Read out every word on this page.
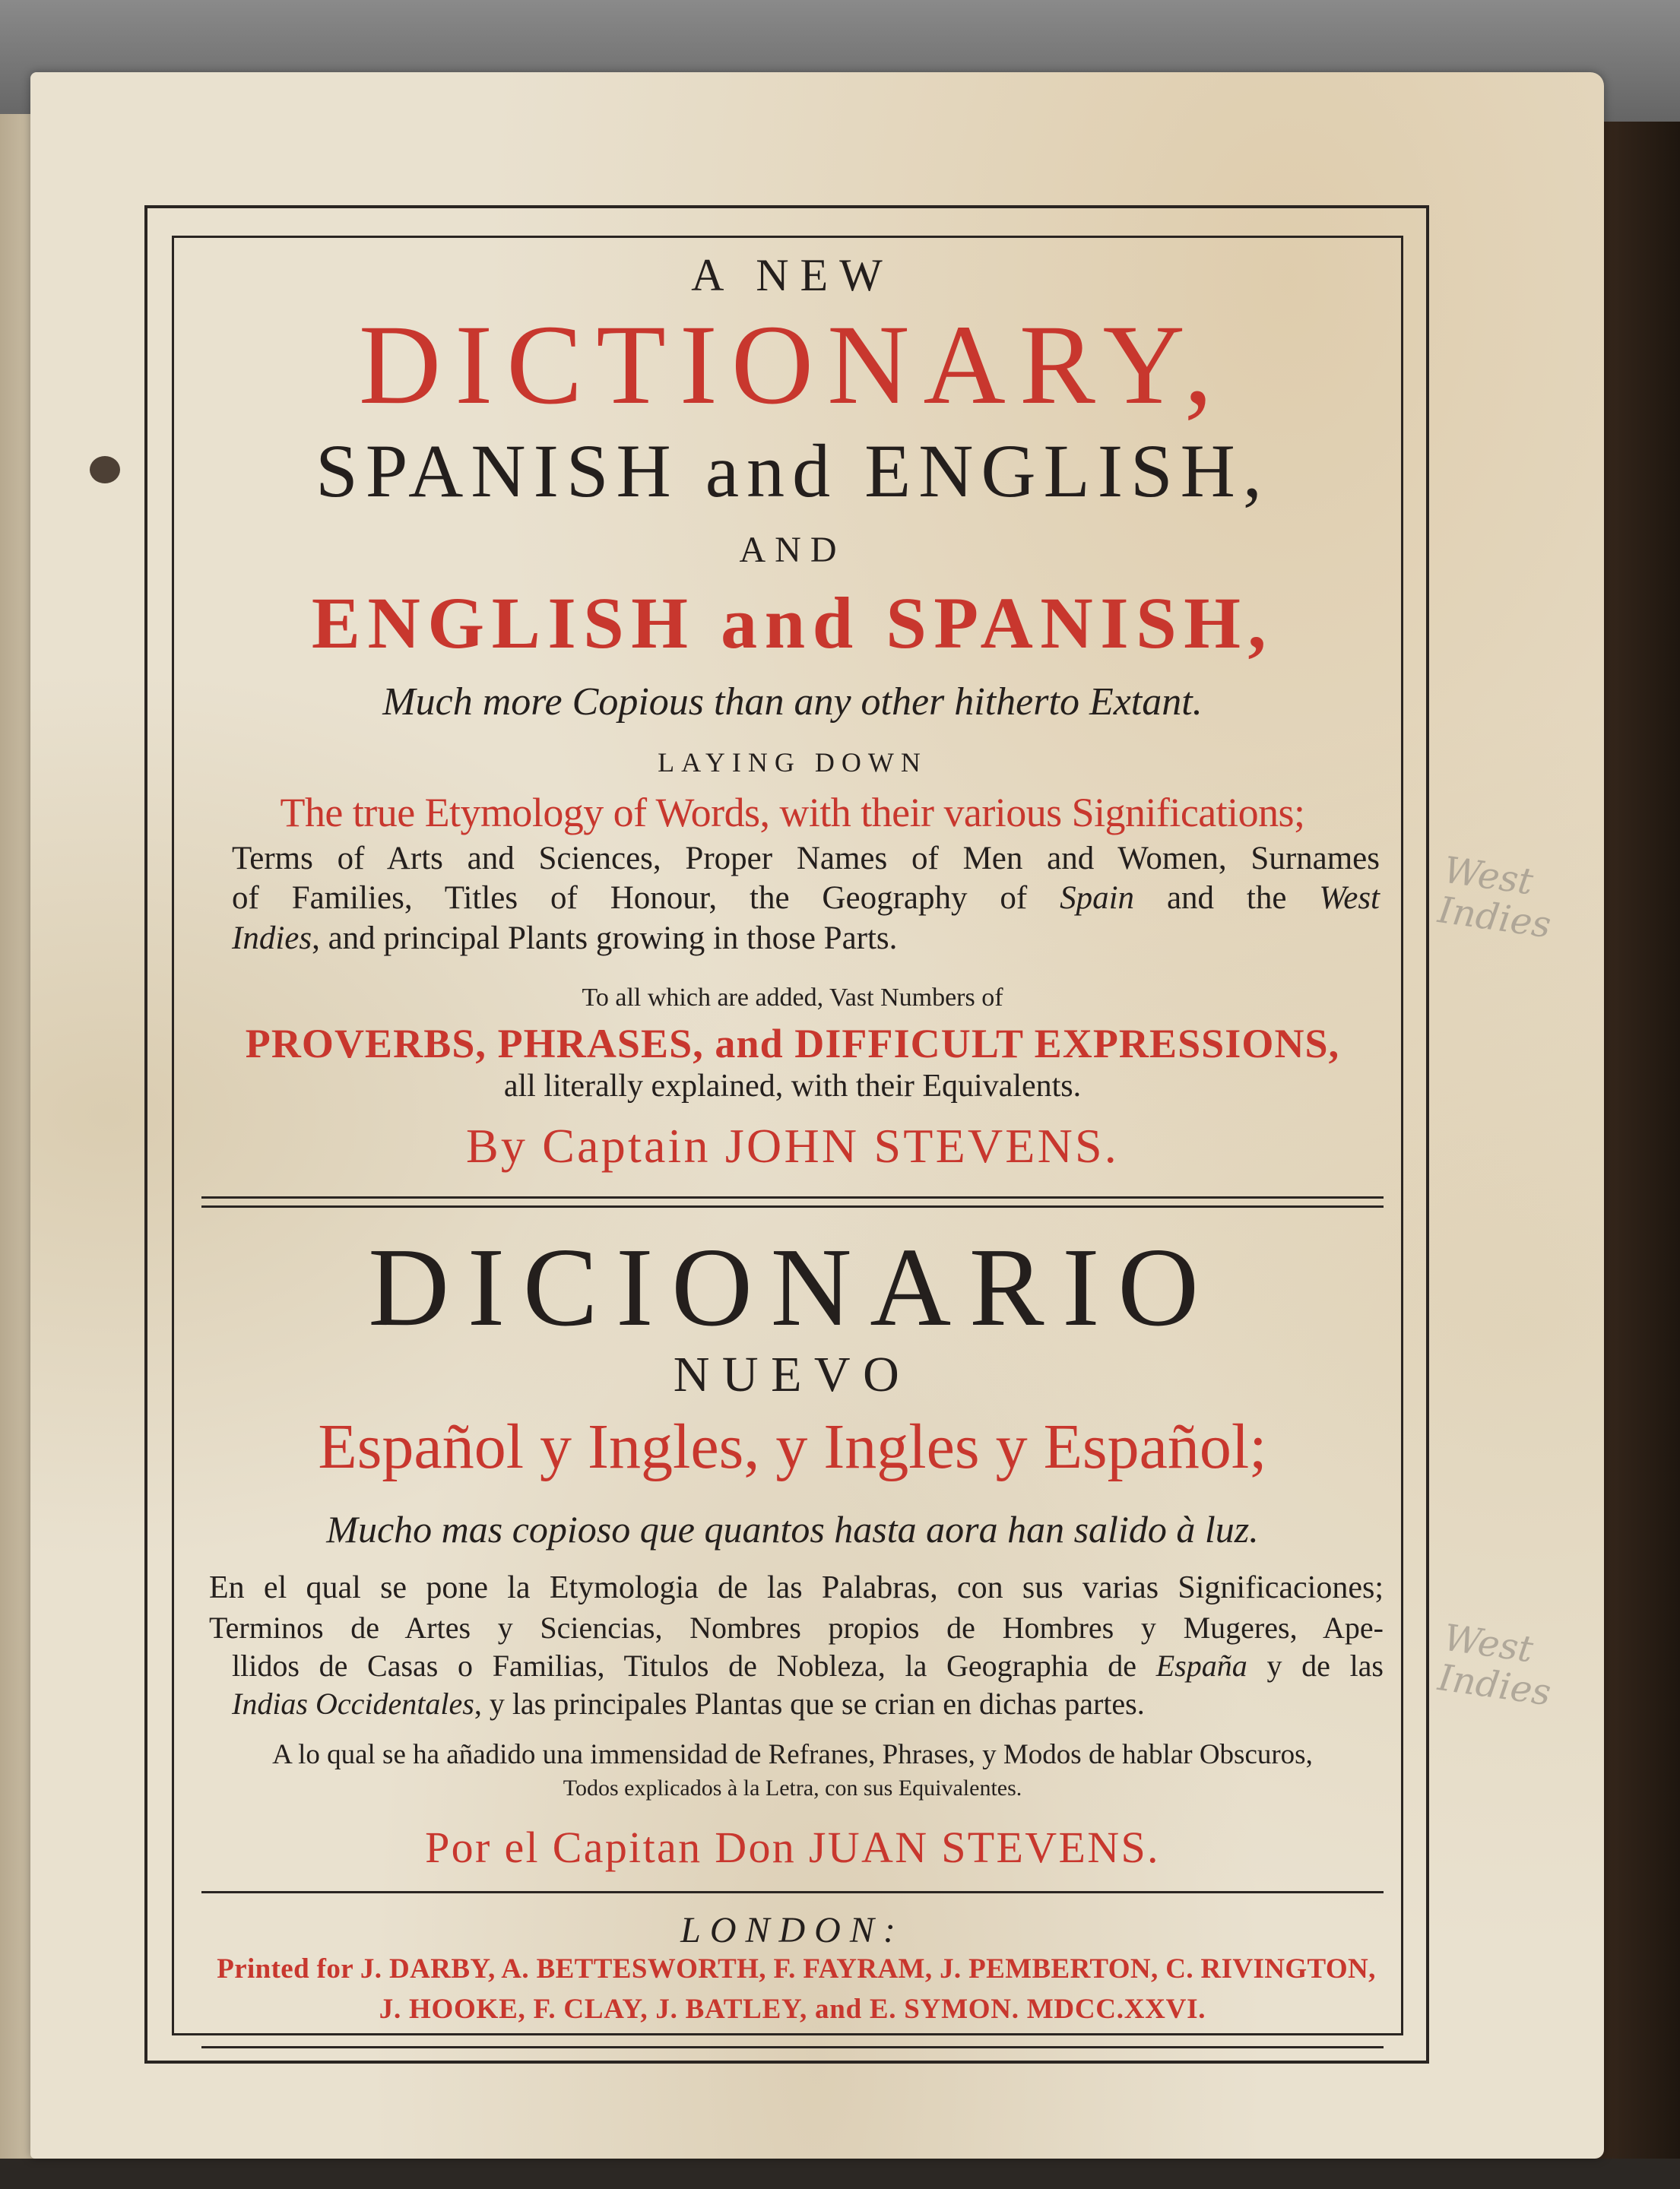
A NEW
DICTIONARY,
SPANISH and ENGLISH,
AND
ENGLISH and SPANISH,
Much more Copious than any other hitherto Extant.
LAYING DOWN
The true Etymology of Words, with their various Significations;
Terms of Arts and Sciences, Proper Names of Men and Women, Surnames
of Families, Titles of Honour, the Geography of Spain and the West
Indies, and principal Plants growing in those Parts.
To all which are added, Vast Numbers of
PROVERBS, PHRASES, and DIFFICULT EXPRESSIONS,
all literally explained, with their Equivalents.
By Captain JOHN STEVENS.
DICIONARIO
NUEVO
Español y Ingles, y Ingles y Español;
Mucho mas copioso que quantos hasta aora han salido à luz.
En el qual se pone la Etymologia de las Palabras, con sus varias Significaciones;
Terminos de Artes y Sciencias, Nombres propios de Hombres y Mugeres, Ape-
llidos de Casas o Familias, Titulos de Nobleza, la Geographia de España y de las
Indias Occidentales, y las principales Plantas que se crian en dichas partes.
A lo qual se ha añadido una immensidad de Refranes, Phrases, y Modos de hablar Obscuros,
Todos explicados à la Letra, con sus Equivalentes.
Por el Capitan Don JUAN STEVENS.
LONDON:
Printed for J. DARBY, A. BETTESWORTH, F. FAYRAM, J. PEMBERTON, C. RIVINGTON,
J. HOOKE, F. CLAY, J. BATLEY, and E. SYMON. MDCC.XXVI.
West Indies
West Indies
